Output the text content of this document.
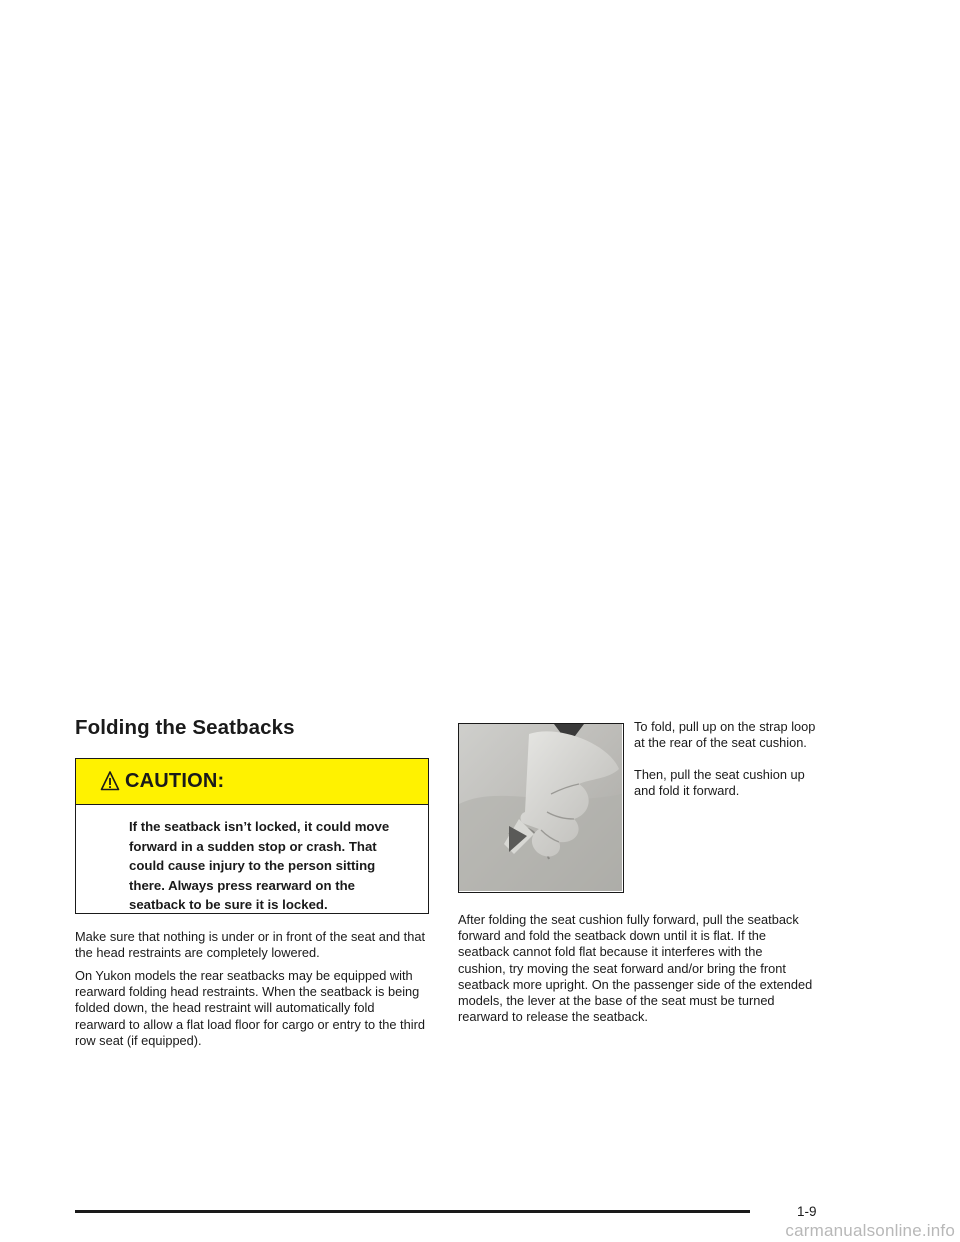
Folding the Seatbacks
CAUTION:
If the seatback isn’t locked, it could move forward in a sudden stop or crash. That could cause injury to the person sitting there. Always press rearward on the seatback to be sure it is locked.

Make sure that nothing is under or in front of the seat and that the head restraints are completely lowered.

On Yukon models the rear seatbacks may be equipped with rearward folding head restraints. When the seatback is being folded down, the head restraint will automatically fold rearward to allow a flat load floor for cargo or entry to the third row seat (if equipped).

To fold, pull up on the strap loop at the rear of the seat cushion.

Then, pull the seat cushion up and fold it forward.

After folding the seat cushion fully forward, pull the seatback forward and fold the seatback down until it is flat. If the seatback cannot fold flat because it interferes with the cushion, try moving the seat forward and/or bring the front seatback more upright. On the passenger side of the extended models, the lever at the base of the seat must be turned rearward to release the seatback.

1-9
carmanualsonline.info
